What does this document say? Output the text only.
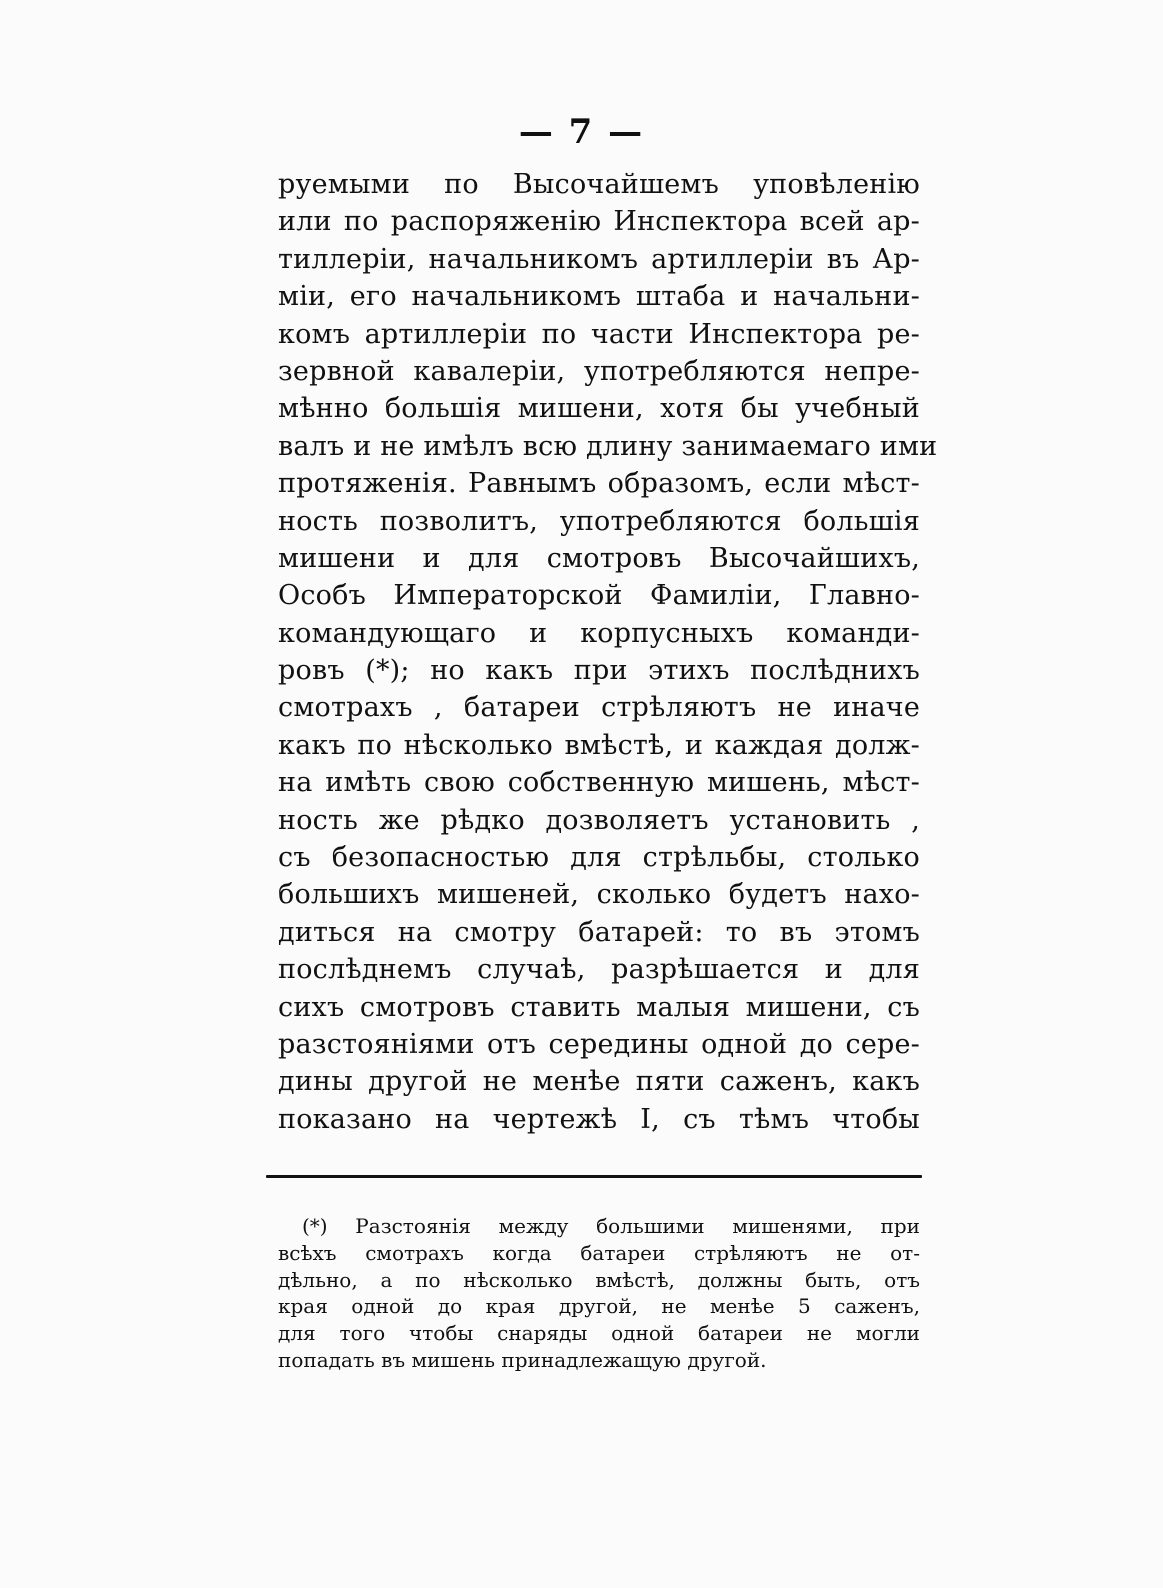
— 7 —
руемыми по Высочайшемъ уповѣленію
или по распоряженію Инспектора всей ар-
тиллеріи, начальникомъ артиллеріи въ Ар-
міи, его начальникомъ штаба и начальни-
комъ артиллеріи по части Инспектора ре-
зервной кавалеріи, употребляются непре-
мѣнно большія мишени, хотя бы учебный
валъ и не имѣлъ всю длину занимаемаго ими
протяженія. Равнымъ образомъ, если мѣст-
ность позволитъ, употребляются большія
мишени и для смотровъ Высочайшихъ,
Особъ Императорской Фамиліи, Главно-
командующаго и корпусныхъ команди-
ровъ (*); но какъ при этихъ послѣднихъ
смотрахъ , батареи стрѣляютъ не иначе
какъ по нѣсколько вмѣстѣ, и каждая долж-
на имѣть свою собственную мишень, мѣст-
ность же рѣдко дозволяетъ установить ,
съ безопасностью для стрѣльбы, столько
большихъ мишеней, сколько будетъ нахо-
диться на смотру батарей: то въ этомъ
послѣднемъ случаѣ, разрѣшается и для
сихъ смотровъ ставить малыя мишени, съ
разстояніями отъ середины одной до сере-
дины другой не менѣе пяти саженъ, какъ
показано на чертежѣ I, съ тѣмъ чтобы
(*) Разстоянія между большими мишенями, при
всѣхъ смотрахъ когда батареи стрѣляютъ не от-
дѣльно, а по нѣсколько вмѣстѣ, должны быть, отъ
края одной до края другой, не менѣе 5 саженъ,
для того чтобы снаряды одной батареи не могли
попадать въ мишень принадлежащую другой.
